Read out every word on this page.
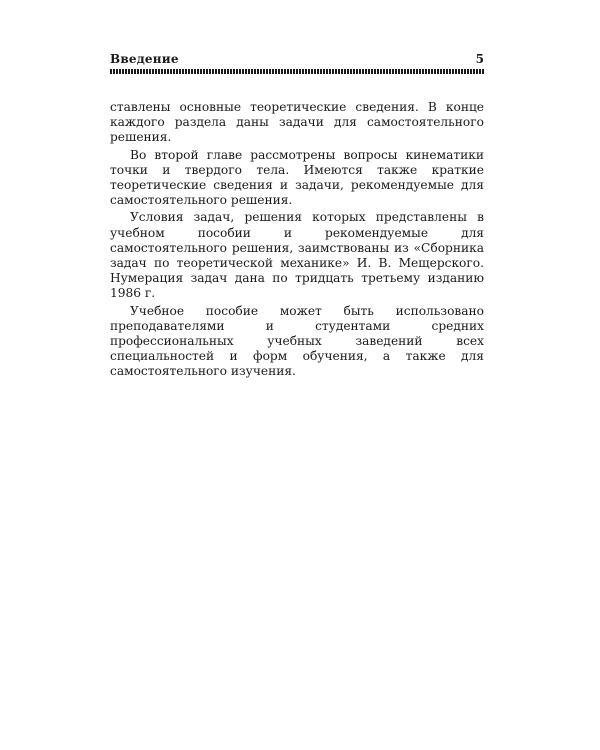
Введение	5

ставлены основные теоретические сведения. В конце каждого раздела даны задачи для самостоятельного решения.

Во второй главе рассмотрены вопросы кинематики точки и твердого тела. Имеются также краткие теоретические сведения и задачи, рекомендуемые для самостоятельного решения.

Условия задач, решения которых представлены в учебном пособии и рекомендуемые для самостоятельного решения, заимствованы из «Сборника задач по теоретической механике» И. В. Мещерского. Нумерация задач дана по тридцать третьему изданию 1986 г.

Учебное пособие может быть использовано преподавателями и студентами средних профессиональных учебных заведений всех специальностей и форм обучения, а также для самостоятельного изучения.
